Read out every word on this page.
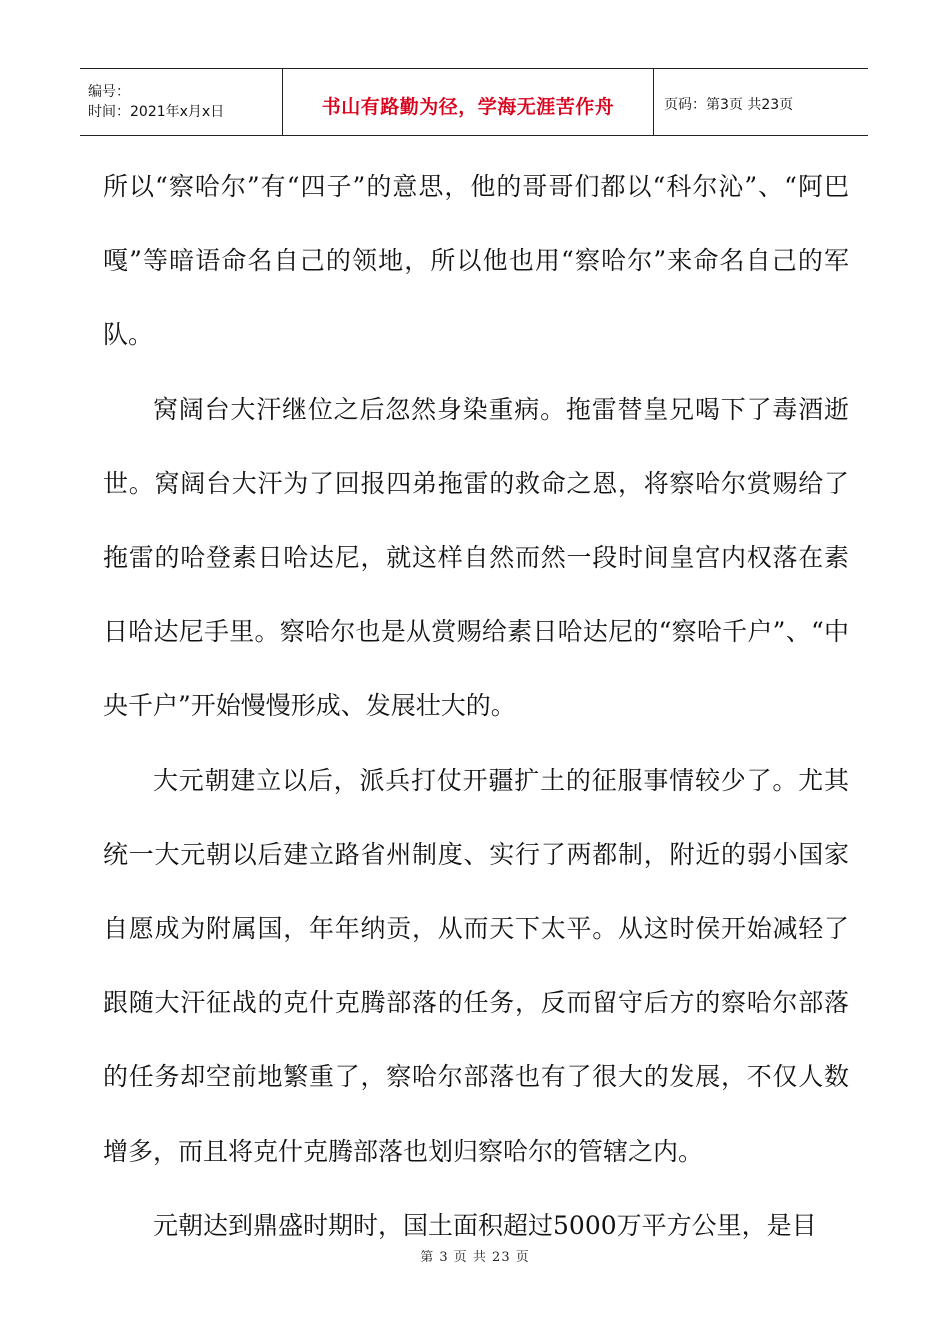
编号：
时间：2021年x月x日	书山有路勤为径，学海无涯苦作舟	页码：第3页 共23页

所以“察哈尔”有“四子”的意思，他的哥哥们都以“科尔沁”、“阿巴嘎”等暗语命名自己的领地，所以他也用“察哈尔”来命名自己的军队。

窝阔台大汗继位之后忽然身染重病。拖雷替皇兄喝下了毒酒逝世。窝阔台大汗为了回报四弟拖雷的救命之恩，将察哈尔赏赐给了拖雷的哈登素日哈达尼，就这样自然而然一段时间皇宫内权落在素日哈达尼手里。察哈尔也是从赏赐给素日哈达尼的“察哈千户”、“中央千户”开始慢慢形成、发展壮大的。

大元朝建立以后，派兵打仗开疆扩土的征服事情较少了。尤其统一大元朝以后建立路省州制度、实行了两都制，附近的弱小国家自愿成为附属国，年年纳贡，从而天下太平。从这时侯开始减轻了跟随大汗征战的克什克腾部落的任务，反而留守后方的察哈尔部落的任务却空前地繁重了，察哈尔部落也有了很大的发展，不仅人数增多，而且将克什克腾部落也划归察哈尔的管辖之内。

元朝达到鼎盛时期时，国土面积超过5000万平方公里，是目

第 3 页 共 23 页
